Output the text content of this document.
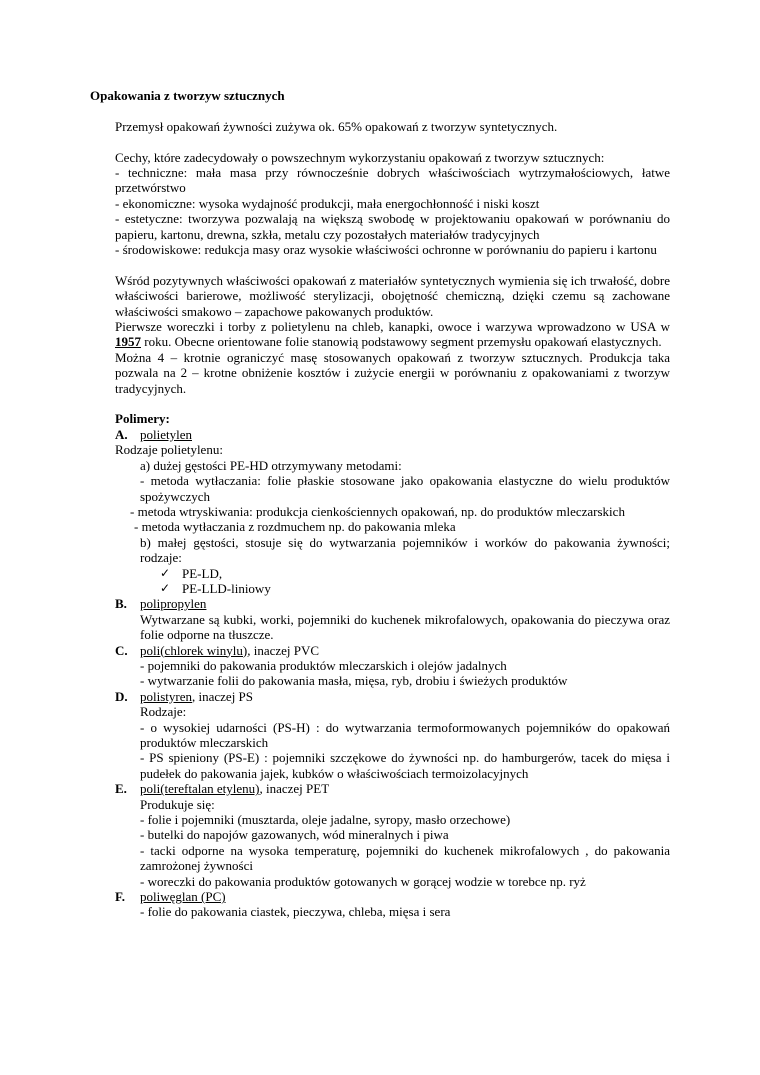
Opakowania z tworzyw sztucznych
Przemysł opakowań żywności zużywa ok. 65% opakowań z tworzyw syntetycznych.
Cechy, które zadecydowały o powszechnym wykorzystaniu opakowań z tworzyw sztucznych:
- techniczne: mała masa przy równocześnie dobrych właściwościach wytrzymałościowych, łatwe przetwórstwo
- ekonomiczne: wysoka wydajność produkcji, mała energochłonność i niski koszt
- estetyczne: tworzywa pozwalają na większą swobodę w projektowaniu opakowań w porównaniu do papieru, kartonu, drewna, szkła, metalu czy pozostałych materiałów tradycyjnych
- środowiskowe: redukcja masy oraz wysokie właściwości ochronne w porównaniu do papieru i kartonu
Wśród pozytywnych właściwości opakowań z materiałów syntetycznych wymienia się ich trwałość, dobre właściwości barierowe, możliwość sterylizacji, obojętność chemiczną, dzięki czemu są zachowane właściwości smakowo – zapachowe pakowanych produktów.
Pierwsze woreczki i torby z polietylenu na chleb, kanapki, owoce i warzywa wprowadzono w USA w 1957 roku. Obecne orientowane folie stanowią podstawowy segment przemysłu opakowań elastycznych.
Można 4 – krotnie ograniczyć masę stosowanych opakowań z tworzyw sztucznych. Produkcja taka pozwala na 2 – krotne obniżenie kosztów i zużycie energii w porównaniu z opakowaniami z tworzyw tradycyjnych.
Polimery:
A. polietylen
Rodzaje polietylenu:
a) dużej gęstości PE-HD otrzymywany metodami:
- metoda wytłaczania: folie płaskie stosowane jako opakowania elastyczne do wielu produktów spożywczych
- metoda wtryskiwania: produkcja cienkościennych opakowań, np. do produktów mleczarskich
- metoda wytłaczania z rozdmuchem np. do pakowania mleka
b) małej gęstości, stosuje się do wytwarzania pojemników i worków do pakowania żywności; rodzaje:
✓ PE-LD,
✓ PE-LLD-liniowy
B.	polipropylen
Wytwarzane są kubki, worki, pojemniki do kuchenek mikrofalowych, opakowania do pieczywa oraz folie odporne na tłuszcze.
C. poli(chlorek winylu), inaczej PVC
- pojemniki do pakowania produktów mleczarskich i olejów jadalnych
- wytwarzanie folii do pakowania masła, mięsa, ryb, drobiu i świeżych produktów
D. polistyren, inaczej PS
Rodzaje:
- o wysokiej udarności (PS-H) : do wytwarzania termoformowanych pojemników do opakowań produktów mleczarskich
- PS spieniony (PS-E) : pojemniki szczękowe do żywności np. do hamburgerów, tacek do mięsa i pudełek do pakowania jajek, kubków o właściwościach termoizolacyjnych
E.	poli(tereftalan etylenu), inaczej PET
Produkuje się:
- folie i pojemniki (musztarda, oleje jadalne, syropy, masło orzechowe)
- butelki do napojów gazowanych, wód mineralnych i piwa
- tacki odporne na wysoka temperaturę, pojemniki do kuchenek mikrofalowych , do pakowania zamrożonej żywności
- woreczki do pakowania produktów gotowanych w gorącej wodzie w torebce np. ryż
F.	poliwęglan (PC)
- folie do pakowania ciastek, pieczywa, chleba, mięsa i sera
